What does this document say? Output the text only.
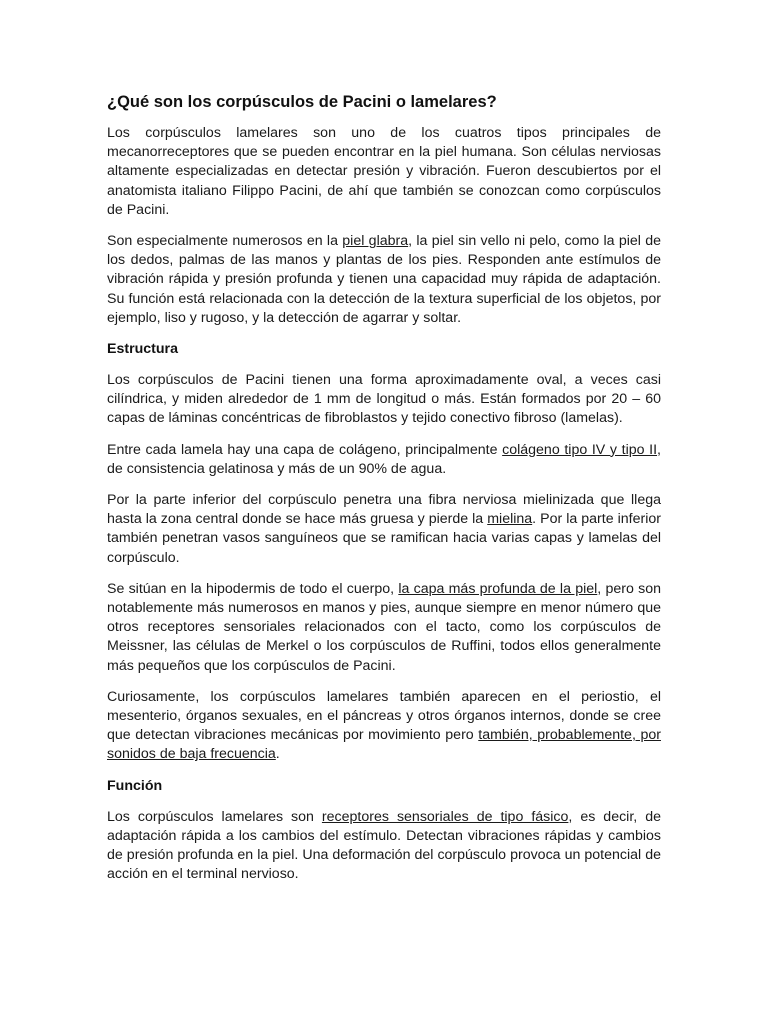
¿Qué son los corpúsculos de Pacini o lamelares?

Los corpúsculos lamelares son uno de los cuatros tipos principales de mecanorreceptores que se pueden encontrar en la piel humana. Son células nerviosas altamente especializadas en detectar presión y vibración. Fueron descubiertos por el anatomista italiano Filippo Pacini, de ahí que también se conozcan como corpúsculos de Pacini.

Son especialmente numerosos en la piel glabra, la piel sin vello ni pelo, como la piel de los dedos, palmas de las manos y plantas de los pies. Responden ante estímulos de vibración rápida y presión profunda y tienen una capacidad muy rápida de adaptación. Su función está relacionada con la detección de la textura superficial de los objetos, por ejemplo, liso y rugoso, y la detección de agarrar y soltar.

Estructura

Los corpúsculos de Pacini tienen una forma aproximadamente oval, a veces casi cilíndrica, y miden alrededor de 1 mm de longitud o más. Están formados por 20 – 60 capas de láminas concéntricas de fibroblastos y tejido conectivo fibroso (lamelas).

Entre cada lamela hay una capa de colágeno, principalmente colágeno tipo IV y tipo II, de consistencia gelatinosa y más de un 90% de agua.

Por la parte inferior del corpúsculo penetra una fibra nerviosa mielinizada que llega hasta la zona central donde se hace más gruesa y pierde la mielina. Por la parte inferior también penetran vasos sanguíneos que se ramifican hacia varias capas y lamelas del corpúsculo.

Se sitúan en la hipodermis de todo el cuerpo, la capa más profunda de la piel, pero son notablemente más numerosos en manos y pies, aunque siempre en menor número que otros receptores sensoriales relacionados con el tacto, como los corpúsculos de Meissner, las células de Merkel o los corpúsculos de Ruffini, todos ellos generalmente más pequeños que los corpúsculos de Pacini.

Curiosamente, los corpúsculos lamelares también aparecen en el periostio, el mesenterio, órganos sexuales, en el páncreas y otros órganos internos, donde se cree que detectan vibraciones mecánicas por movimiento pero también, probablemente, por sonidos de baja frecuencia.

Función

Los corpúsculos lamelares son receptores sensoriales de tipo fásico, es decir, de adaptación rápida a los cambios del estímulo. Detectan vibraciones rápidas y cambios de presión profunda en la piel. Una deformación del corpúsculo provoca un potencial de acción en el terminal nervioso.
